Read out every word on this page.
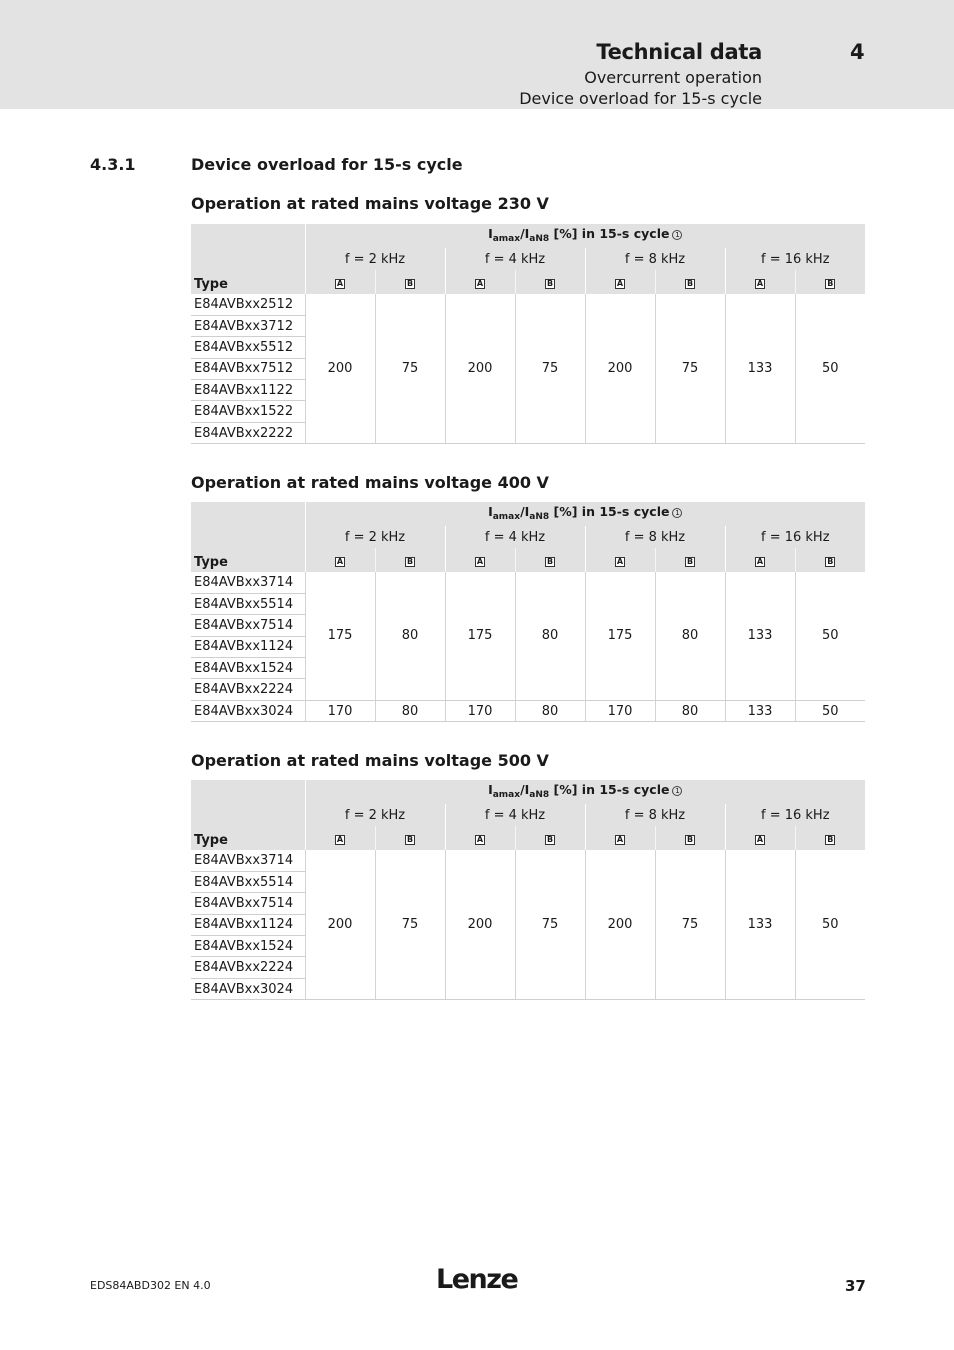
Technical data	4
Overcurrent operation
Device overload for 15-s cycle
4.3.1	Device overload for 15-s cycle
Operation at rated mains voltage 230 V
Type	$I_{amax}/I_{aN8}$ [%] in 15-s cycle 1							
	f = 2 kHz		f = 4 kHz		f = 8 kHz		f = 16 kHz	
	A	B	A	B	A	B	A	B
E84AVBxx2512	200	75	200	75	200	75	133	50
E84AVBxx3712								
E84AVBxx5512								
E84AVBxx7512								
E84AVBxx1122								
E84AVBxx1522								
E84AVBxx2222								
Operation at rated mains voltage 400 V
Type	$I_{amax}/I_{aN8}$ [%] in 15-s cycle 1							
	f = 2 kHz		f = 4 kHz		f = 8 kHz		f = 16 kHz	
	A	B	A	B	A	B	A	B
E84AVBxx3714	175	80	175	80	175	80	133	50
E84AVBxx5514								
E84AVBxx7514								
E84AVBxx1124								
E84AVBxx1524								
E84AVBxx2224								
E84AVBxx3024	170	80	170	80	170	80	133	50
Operation at rated mains voltage 500 V
Type	$I_{amax}/I_{aN8}$ [%] in 15-s cycle 1							
	f = 2 kHz		f = 4 kHz		f = 8 kHz		f = 16 kHz	
	A	B	A	B	A	B	A	B
E84AVBxx3714	200	75	200	75	200	75	133	50
E84AVBxx5514								
E84AVBxx7514								
E84AVBxx1124								
E84AVBxx1524								
E84AVBxx2224								
E84AVBxx3024								
EDS84ABD302 EN 4.0	Lenze	37
